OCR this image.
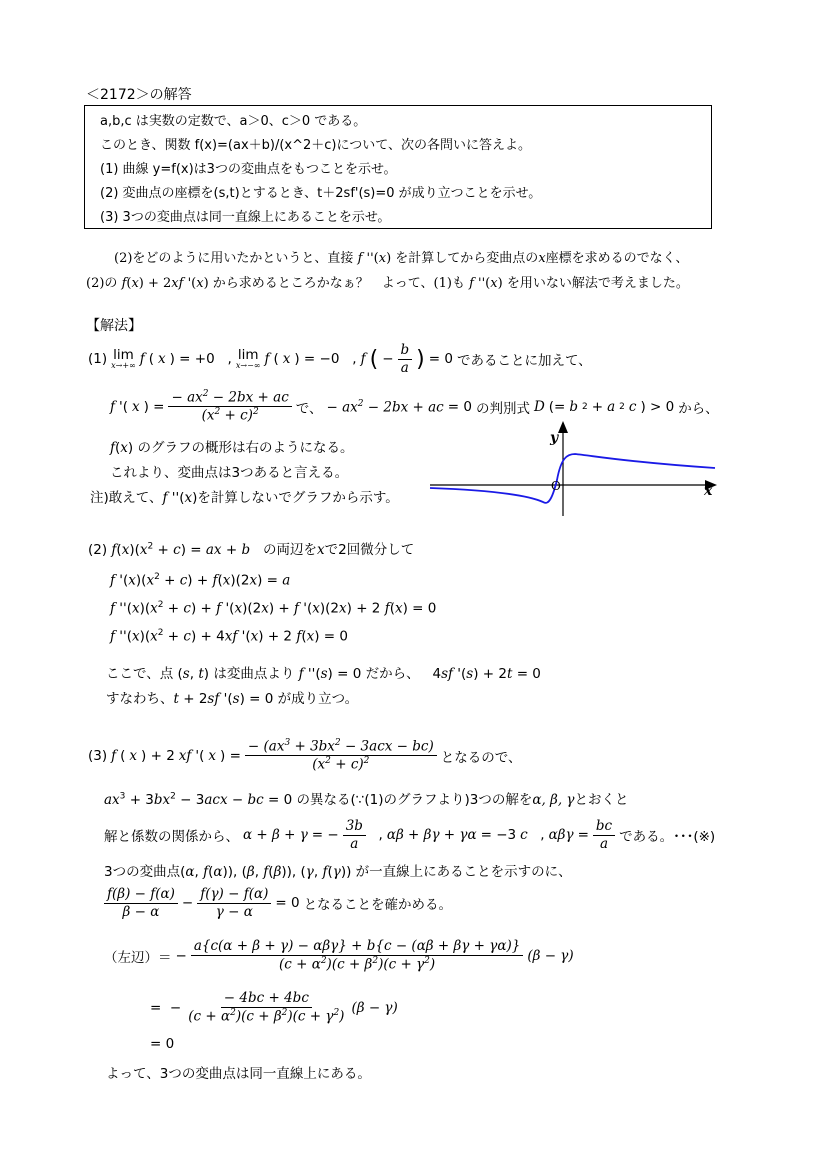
＜2172＞の解答
a,b,c は実数の定数で、a＞0、c＞0 である。
このとき、関数 f(x)=(ax＋b)/(x^2＋c)について、次の各問いに答えよ。
(1) 曲線 y=f(x)は3つの変曲点をもつことを示せ。
(2) 変曲点の座標を(s,t)とするとき、t＋2sf'(s)=0 が成り立つことを示せ。
(3) 3つの変曲点は同一直線上にあることを示せ。
(2)をどのように用いたかというと、直接 f ''(x) を計算してから変曲点のx座標を求めるのでなく、
(2)の f(x) + 2xf '(x) から求めるところかなぁ？　よって、(1)も f ''(x) を用いない解法で考えました。
【解法】
(1) lim
x→+∞ f ( x ) = +0   , lim
x→−∞ f ( x ) = −0   , f ( −
b
a ) = 0 であることに加えて、
f '( x ) =
− $ax^2 - 2bx$ + ac
$(x^2 + c)^2$	で、 − $ax^2 - 2bx$ + ac = 0 の判別式 D (= b 2 + a 2 c ) > 0 から、
f(x) のグラフの概形は右のようになる。
これより、変曲点は3つあると言える。
注)敢えて、f ''(x)を計算しないでグラフから示す。
y
x
O
(2) $f(x)(x^2 + c)$ = ax + b の両辺をxで2回微分して
f '$(x)(x^2 + c) + f(x)(2x) = a$
f ''$(x)(x^2 + c) + f$ '(x)(2x) + f '(x)(2x) + 2 f(x) = 0
f ''$(x)(x^2 + c) + 4xf$ '(x) + 2 f(x) = 0
ここで、点 (s, t) は変曲点より f ''(s) = 0 だから、   4sf '(s) + 2t = 0
すなわち、t + 2sf '(s) = 0 が成り立つ。
(3) f ( x ) + 2 xf '( x ) =
− $(ax^3 + 3bx^2 - 3acx - bc)$
$(x^2 + c)^2$	となるので、
$ax^3 + 3bx^2 - 3acx$ − bc = 0 の異なる(∵(1)のグラフより)3つの解をα, β, γとおくと
解と係数の関係から、 α + β + γ = −
3b
a
, αβ + βγ + γα = −3 c , αβγ =
bc
a である。･･･(※)
3つの変曲点(α, f(α)), (β, f(β)), (γ, f(γ)) が一直線上にあることを示すのに、
f(β) − f(α)
β − α
−
f(γ) − f(α)
γ − α
= 0 となることを確かめる。
（左辺）＝ −
a{c(α + β + γ) − αβγ} + b{c − (αβ + βγ + γα)}
$(c + \alpha^2)(c + \beta^2)(c + \gamma^2)$
(β − γ)
=  −
− 4bc + 4bc
$(c + \alpha^2)(c + \beta^2)(c + \gamma^2)$
(β − γ)
= 0
よって、3つの変曲点は同一直線上にある。
